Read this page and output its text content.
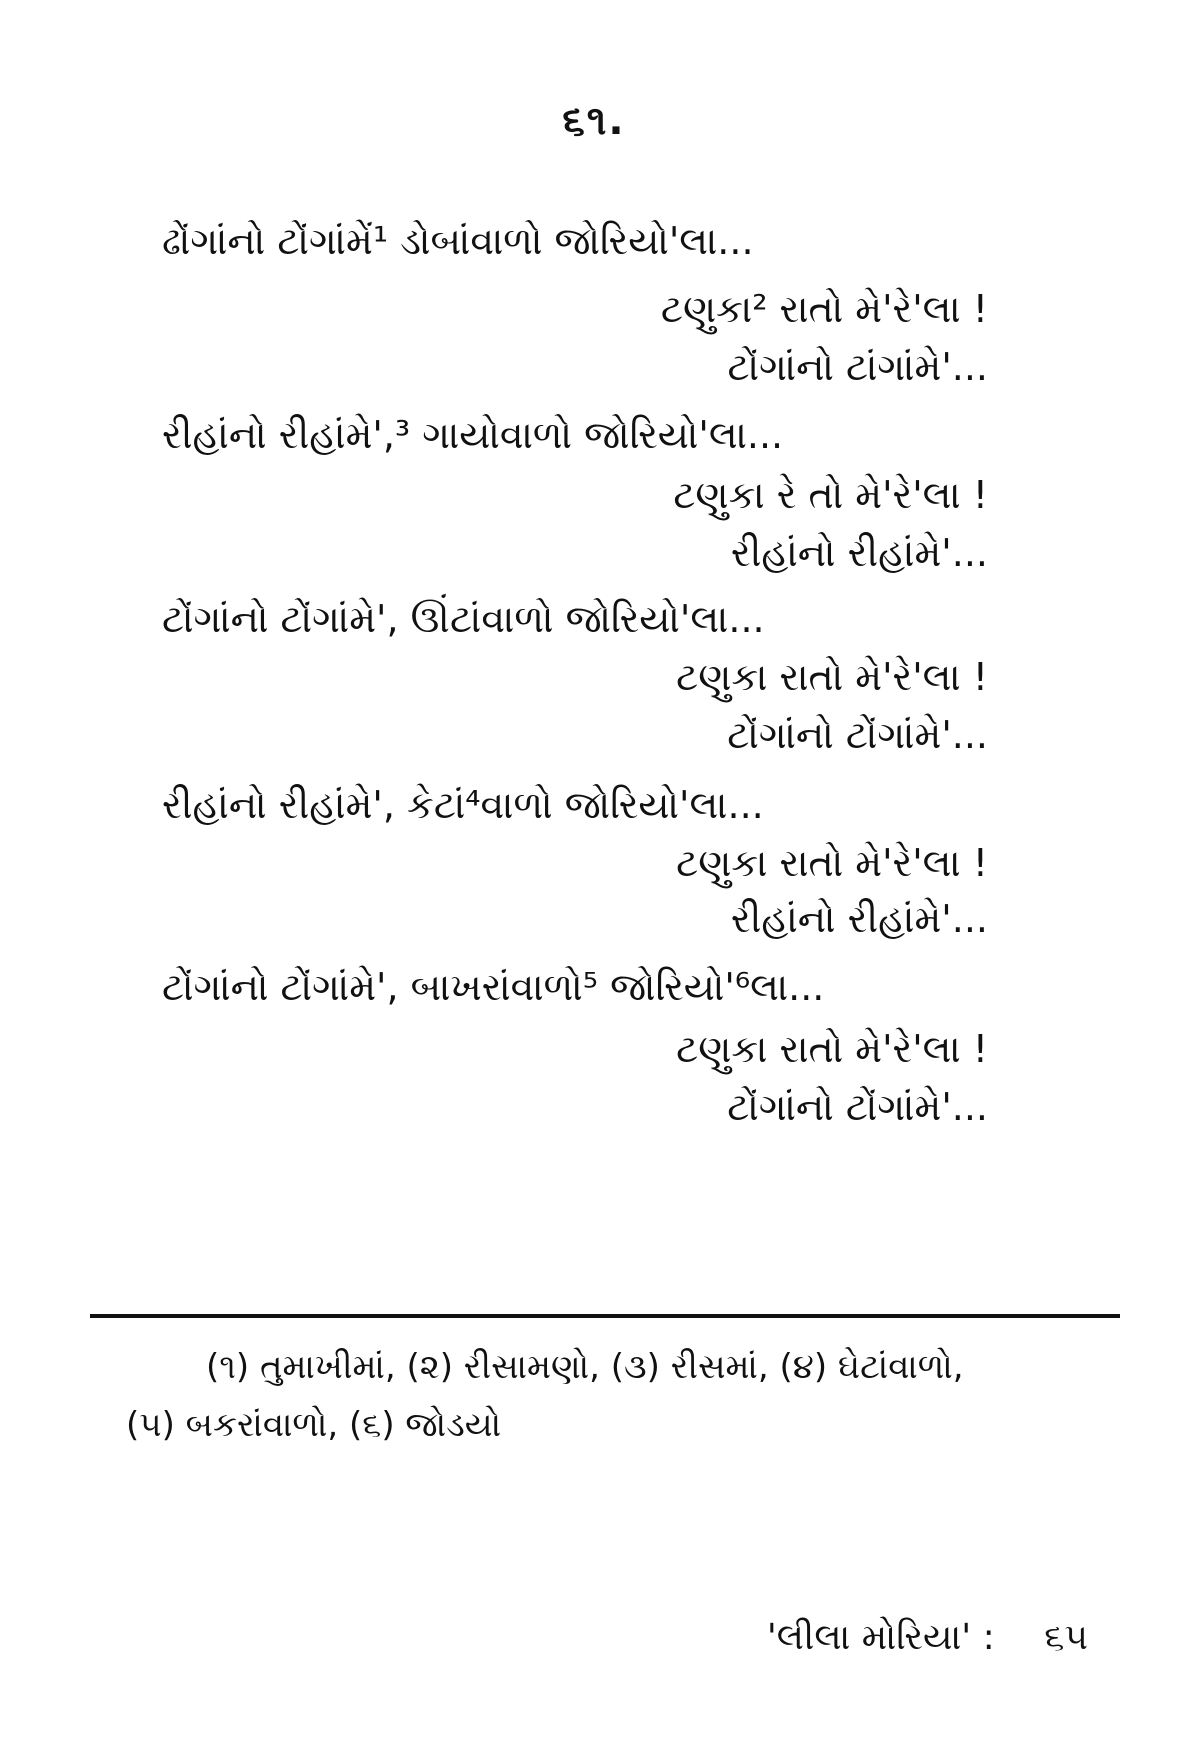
૬૧.
ઢોંગાંનો ટોંગાંમેં¹ ડોબાંવાળો જોરિયો'લા...
ટણુકા² રાતો મે'રે'લા !
ટોંગાંનો ટાંગાંમે'...
રીહાંનો રીહાંમે',³ ગાયોવાળો જોરિયો'લા...
ટણુકા રે તો મે'રે'લા !
રીહાંનો રીહાંમે'...
ટોંગાંનો ટોંગાંમે', ઊંટાંવાળો જોરિયો'લા...
ટણુકા રાતો મે'રે'લા !
ટોંગાંનો ટોંગાંમે'...
રીહાંનો રીહાંમે', કેટાં⁴વાળો જોરિયો'લા...
ટણુકા રાતો મે'રે'લા !
રીહાંનો રીહાંમે'...
ટોંગાંનો ટોંગાંમે', બાખરાંવાળો⁵ જોરિયો'⁶લા...
ટણુકા રાતો મે'રે'લા !
ટોંગાંનો ટોંગાંમે'...
(૧) તુમાખીમાં, (૨) રીસામણો, (૩) રીસમાં, (૪) ઘેટાંવાળો,
(૫) બકરાંવાળો, (૬) જોડયો
'લીલા મોરિયા' : ૬૫
